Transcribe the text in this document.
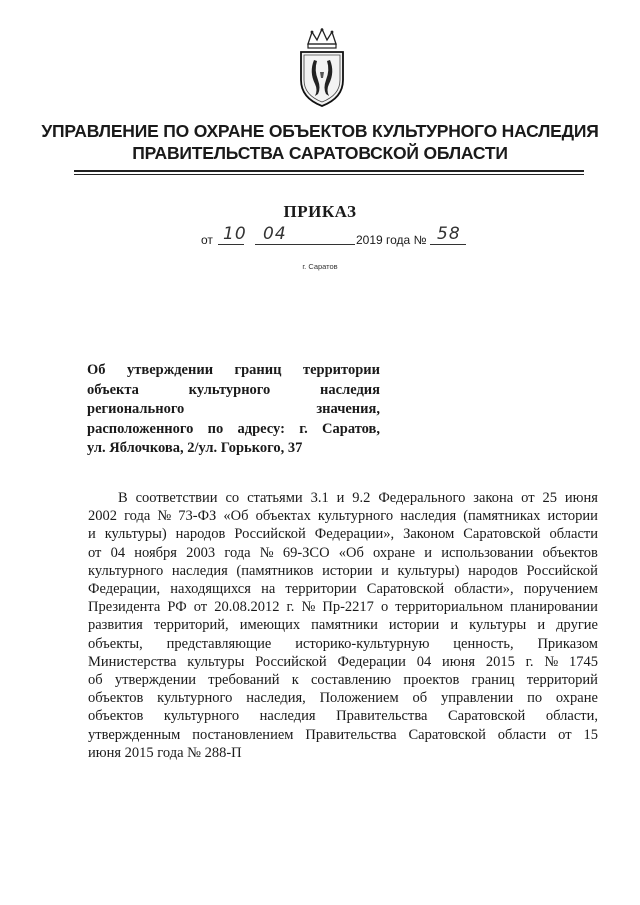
УПРАВЛЕНИЕ ПО ОХРАНЕ ОБЪЕКТОВ КУЛЬТУРНОГО НАСЛЕДИЯ
ПРАВИТЕЛЬСТВА САРАТОВСКОЙ ОБЛАСТИ
ПРИКАЗ
от 10 04	2019 года № 58
г. Саратов
Об утверждении границ территории
объекта	культурного	наследия
регионального	значения,
расположенного по адресу: г. Саратов,
ул. Яблочкова, 2/ул. Горького, 37
В соответствии со статьями 3.1 и 9.2 Федерального закона от 25 июня
2002 года № 73-ФЗ «Об объектах культурного наследия (памятниках истории
и культуры) народов Российской Федерации», Законом Саратовской области
от 04 ноября 2003 года № 69-ЗСО «Об охране и использовании объектов
культурного наследия (памятников истории и культуры) народов Российской
Федерации, находящихся на территории Саратовской области», поручением
Президента РФ от 20.08.2012 г. № Пр-2217 о территориальном планировании
развития территорий, имеющих памятники истории и культуры и другие
объекты, представляющие историко-культурную ценность, Приказом
Министерства культуры Российской Федерации 04 июня 2015 г. № 1745
об утверждении требований к составлению проектов границ территорий
объектов культурного наследия, Положением об управлении по охране
объектов культурного наследия Правительства Саратовской области,
утвержденным постановлением Правительства Саратовской области от 15
июня 2015 года № 288-П
